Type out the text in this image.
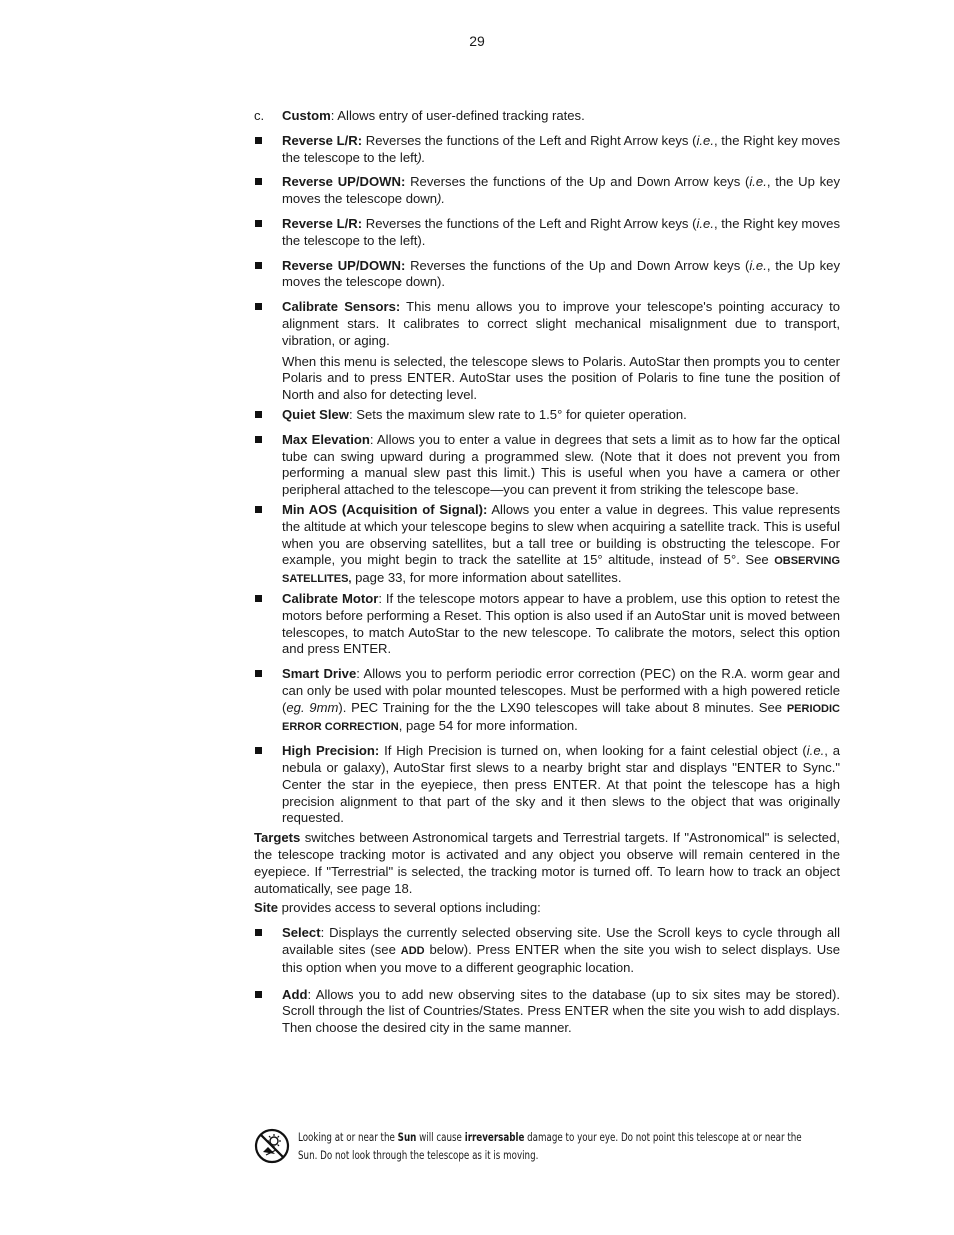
29

c. Custom: Allows entry of user-defined tracking rates.

Reverse L/R: Reverses the functions of the Left and Right Arrow keys (i.e., the Right key moves the telescope to the left).

Reverse UP/DOWN: Reverses the functions of the Up and Down Arrow keys (i.e., the Up key moves the telescope down).

Reverse L/R: Reverses the functions of the Left and Right Arrow keys (i.e., the Right key moves the telescope to the left).

Reverse UP/DOWN: Reverses the functions of the Up and Down Arrow keys (i.e., the Up key moves the telescope down).

Calibrate Sensors: This menu allows you to improve your telescope's pointing accuracy to alignment stars. It calibrates to correct slight mechanical misalignment due to transport, vibration, or aging.

When this menu is selected, the telescope slews to Polaris. AutoStar then prompts you to center Polaris and to press ENTER. AutoStar uses the position of Polaris to fine tune the position of North and also for detecting level.

Quiet Slew: Sets the maximum slew rate to 1.5° for quieter operation.

Max Elevation: Allows you to enter a value in degrees that sets a limit as to how far the optical tube can swing upward during a programmed slew. (Note that it does not prevent you from performing a manual slew past this limit.) This is useful when you have a camera or other peripheral attached to the telescope—you can prevent it from striking the telescope base.

Min AOS (Acquisition of Signal): Allows you enter a value in degrees. This value represents the altitude at which your telescope begins to slew when acquiring a satellite track. This is useful when you are observing satellites, but a tall tree or building is obstructing the telescope. For example, you might begin to track the satellite at 15° altitude, instead of 5°. See OBSERVING SATELLITES, page 33, for more information about satellites.

Calibrate Motor: If the telescope motors appear to have a problem, use this option to retest the motors before performing a Reset. This option is also used if an AutoStar unit is moved between telescopes, to match AutoStar to the new telescope. To calibrate the motors, select this option and press ENTER.

Smart Drive: Allows you to perform periodic error correction (PEC) on the R.A. worm gear and can only be used with polar mounted telescopes. Must be performed with a high powered reticle (eg. 9mm). PEC Training for the the LX90 telescopes will take about 8 minutes. See PERIODIC ERROR CORRECTION, page 54 for more information.

High Precision: If High Precision is turned on, when looking for a faint celestial object (i.e., a nebula or galaxy), AutoStar first slews to a nearby bright star and displays "ENTER to Sync." Center the star in the eyepiece, then press ENTER. At that point the telescope has a high precision alignment to that part of the sky and it then slews to the object that was originally requested.

Targets switches between Astronomical targets and Terrestrial targets. If "Astronomical" is selected, the telescope tracking motor is activated and any object you observe will remain centered in the eyepiece. If "Terrestrial" is selected, the tracking motor is turned off. To learn how to track an object automatically, see page 18.

Site provides access to several options including:

Select: Displays the currently selected observing site. Use the Scroll keys to cycle through all available sites (see ADD below). Press ENTER when the site you wish to select displays. Use this option when you move to a different geographic location.

Add: Allows you to add new observing sites to the database (up to six sites may be stored). Scroll through the list of Countries/States. Press ENTER when the site you wish to add displays. Then choose the desired city in the same manner.

Looking at or near the Sun will cause irreversable damage to your eye. Do not point this telescope at or near the
Sun. Do not look through the telescope as it is moving.
